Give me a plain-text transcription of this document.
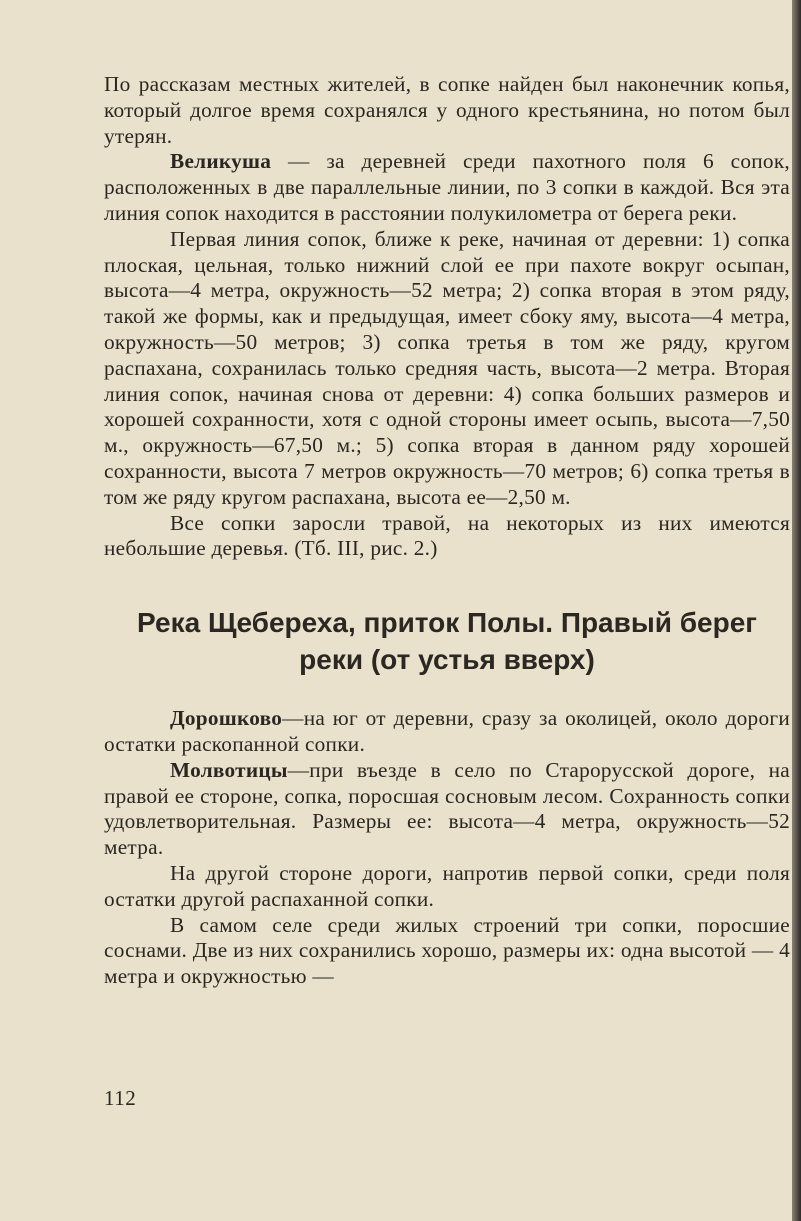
По рассказам местных жителей, в сопке найден был наконечник копья, который долгое время сохранялся у одного крестьянина, но потом был утерян.

Великуша — за деревней среди пахотного поля 6 сопок, расположенных в две параллельные линии, по 3 сопки в каждой. Вся эта линия сопок находится в расстоянии полукилометра от берега реки.

Первая линия сопок, ближе к реке, начиная от деревни: 1) сопка плоская, цельная, только нижний слой ее при пахоте вокруг осыпан, высота—4 метра, окружность—52 метра; 2) сопка вторая в этом ряду, такой же формы, как и предыдущая, имеет сбоку яму, высота—4 метра, окружность—50 метров; 3) сопка третья в том же ряду, кругом распахана, сохранилась только средняя часть, высота—2 метра. Вторая линия сопок, начиная снова от деревни: 4) сопка больших размеров и хорошей сохранности, хотя с одной стороны имеет осыпь, высота—7,50 м., окружность—67,50 м.; 5) сопка вторая в данном ряду хорошей сохранности, высота 7 метров окружность—70 метров; 6) сопка третья в том же ряду кругом распахана, высота ее—2,50 м.

Все сопки заросли травой, на некоторых из них имеются небольшие деревья. (Тб. III, рис. 2.)

Река Щебереха, приток Полы. Правый берег реки (от устья вверх)

Дорошково—на юг от деревни, сразу за околицей, около дороги остатки раскопанной сопки.

Молвотицы—при въезде в село по Старорусской дороге, на правой ее стороне, сопка, поросшая сосновым лесом. Сохранность сопки удовлетворительная. Размеры ее: высота—4 метра, окружность—52 метра.

На другой стороне дороги, напротив первой сопки, среди поля остатки другой распаханной сопки.

В самом селе среди жилых строений три сопки, поросшие соснами. Две из них сохранились хорошо, размеры их: одна высотой — 4 метра и окружностью —

112
